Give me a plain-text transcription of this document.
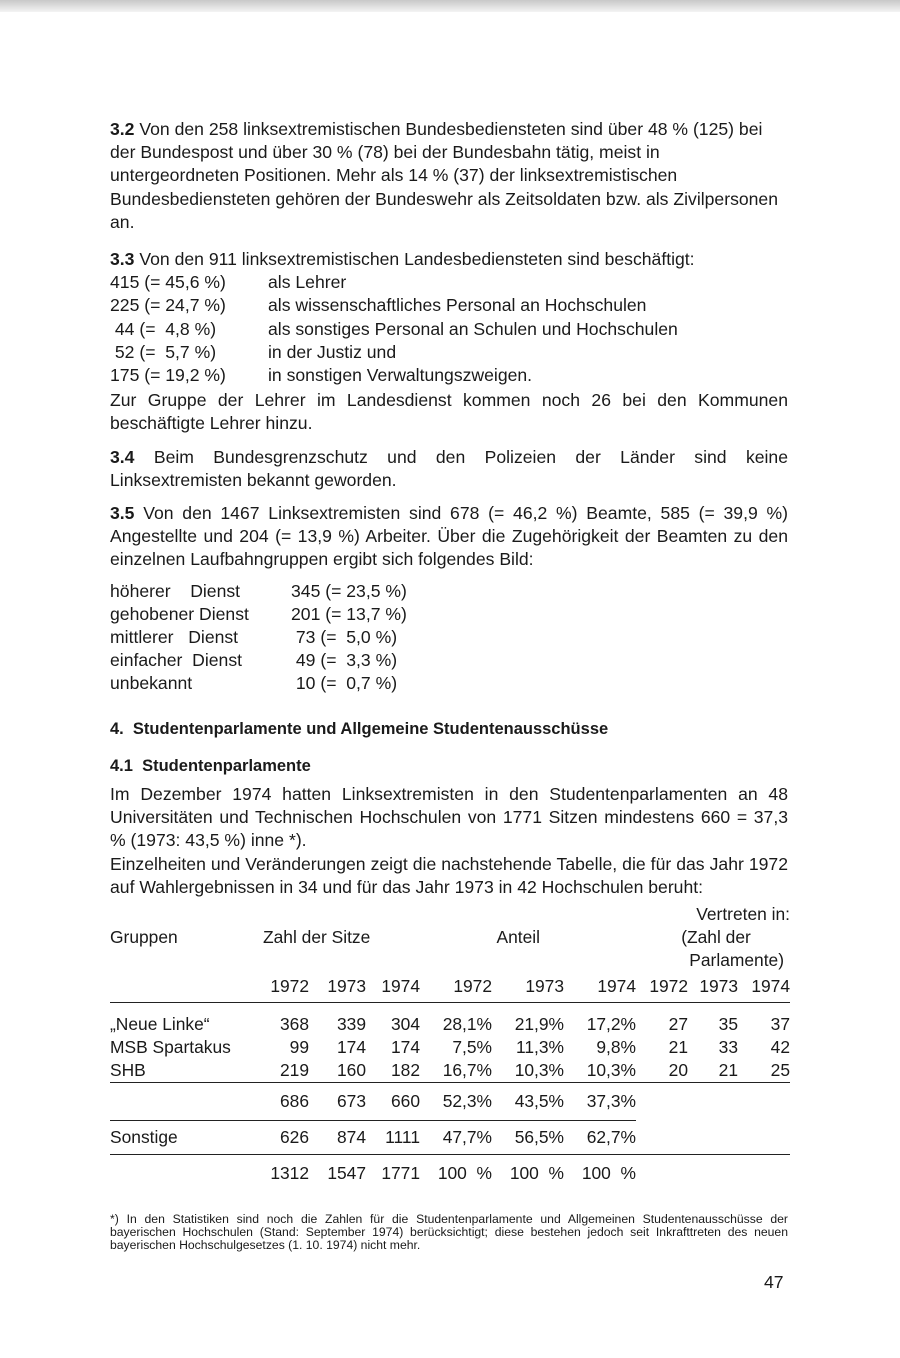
3.2 Von den 258 linksextremistischen Bundesbediensteten sind über 48 % (125) bei der Bundespost und über 30 % (78) bei der Bundesbahn tätig, meist in untergeordneten Positionen. Mehr als 14 % (37) der linksextremistischen Bundesbediensteten gehören der Bundeswehr als Zeitsoldaten bzw. als Zivilpersonen an.

3.3 Von den 911 linksextremistischen Landesbediensteten sind beschäftigt:

415 (= 45,6 %)	als Lehrer
225 (= 24,7 %)	als wissenschaftliches Personal an Hochschulen
44 (=  4,8 %)	als sonstiges Personal an Schulen und Hochschulen
52 (=  5,7 %)	in der Justiz und
175 (= 19,2 %)	in sonstigen Verwaltungszweigen.

Zur Gruppe der Lehrer im Landesdienst kommen noch 26 bei den Kommunen beschäftigte Lehrer hinzu.

3.4 Beim Bundesgrenzschutz und den Polizeien der Länder sind keine Linksextremisten bekannt geworden.

3.5 Von den 1467 Linksextremisten sind 678 (= 46,2 %) Beamte, 585 (= 39,9 %) Angestellte und 204 (= 13,9 %) Arbeiter. Über die Zugehörigkeit der Beamten zu den einzelnen Laufbahngruppen ergibt sich folgendes Bild:

höherer    Dienst	345 (= 23,5 %)
gehobener Dienst	201 (= 13,7 %)
mittlerer   Dienst	73 (=  5,0 %)
einfacher  Dienst	49 (=  3,3 %)
unbekannt	10 (=  0,7 %)

4.  Studentenparlamente und Allgemeine Studentenausschüsse

4.1  Studentenparlamente

Im Dezember 1974 hatten Linksextremisten in den Studentenparlamenten an 48 Universitäten und Technischen Hochschulen von 1771 Sitzen mindestens 660 = 37,3 % (1973: 43,5 %) inne *).

Einzelheiten und Veränderungen zeigt die nachstehende Tabelle, die für das Jahr 1972 auf Wahlergebnissen in 34 und für das Jahr 1973 in 42 Hochschulen beruht:

							Vertreten in:		
Gruppen	Zahl der Sitze			Anteil			(Zahl der		
							Parlamente)		
	1972	1973	1974	1972	1973	1974	1972	1973	1974
„Neue Linke“	368	339	304	28,1%	21,9%	17,2%	27	35	37
MSB Spartakus	99	174	174	7,5%	11,3%	9,8%	21	33	42
SHB	219	160	182	16,7%	10,3%	10,3%	20	21	25
	686	673	660	52,3%	43,5%	37,3%			
Sonstige	626	874	1111	47,7%	56,5%	62,7%			
	1312	1547	1771	100  %	100  %	100  %			

*) In den Statistiken sind noch die Zahlen für die Studentenparlamente und Allgemeinen Studentenausschüsse der bayerischen Hochschulen (Stand: September 1974) berücksichtigt; diese bestehen jedoch seit Inkrafttreten des neuen bayerischen Hochschulgesetzes (1. 10. 1974) nicht mehr.

47
